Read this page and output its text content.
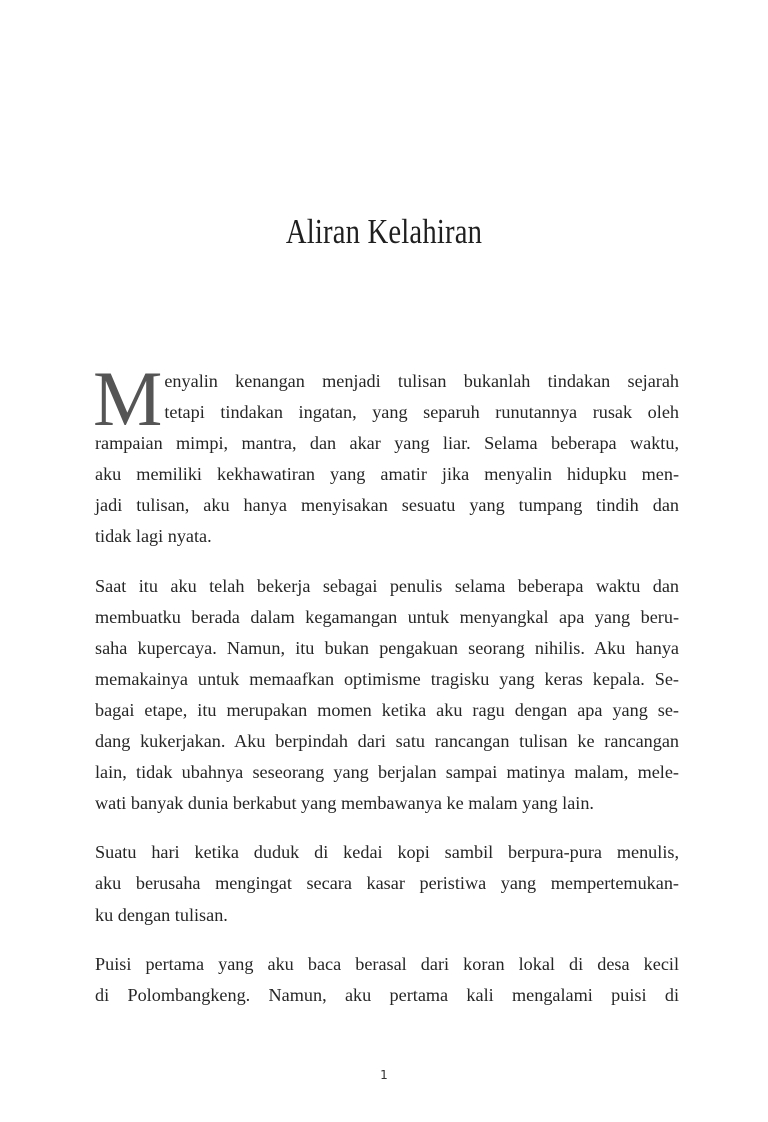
Aliran Kelahiran

M enyalin kenangan menjadi tulisan bukanlah tindakan sejarah
tetapi tindakan ingatan, yang separuh runutannya rusak oleh
rampaian mimpi, mantra, dan akar yang liar. Selama beberapa waktu,
aku memiliki kekhawatiran yang amatir jika menyalin hidupku men-
jadi tulisan, aku hanya menyisakan sesuatu yang tumpang tindih dan
tidak lagi nyata.

Saat itu aku telah bekerja sebagai penulis selama beberapa waktu dan
membuatku berada dalam kegamangan untuk menyangkal apa yang beru-
saha kupercaya. Namun, itu bukan pengakuan seorang nihilis. Aku hanya
memakainya untuk memaafkan optimisme tragisku yang keras kepala. Se-
bagai etape, itu merupakan momen ketika aku ragu dengan apa yang se-
dang kukerjakan. Aku berpindah dari satu rancangan tulisan ke rancangan
lain, tidak ubahnya seseorang yang berjalan sampai matinya malam, mele-
wati banyak dunia berkabut yang membawanya ke malam yang lain.

Suatu hari ketika duduk di kedai kopi sambil berpura-pura menulis,
aku berusaha mengingat secara kasar peristiwa yang mempertemukan-
ku dengan tulisan.

Puisi pertama yang aku baca berasal dari koran lokal di desa kecil
di Polombangkeng. Namun, aku pertama kali mengalami puisi di

1
